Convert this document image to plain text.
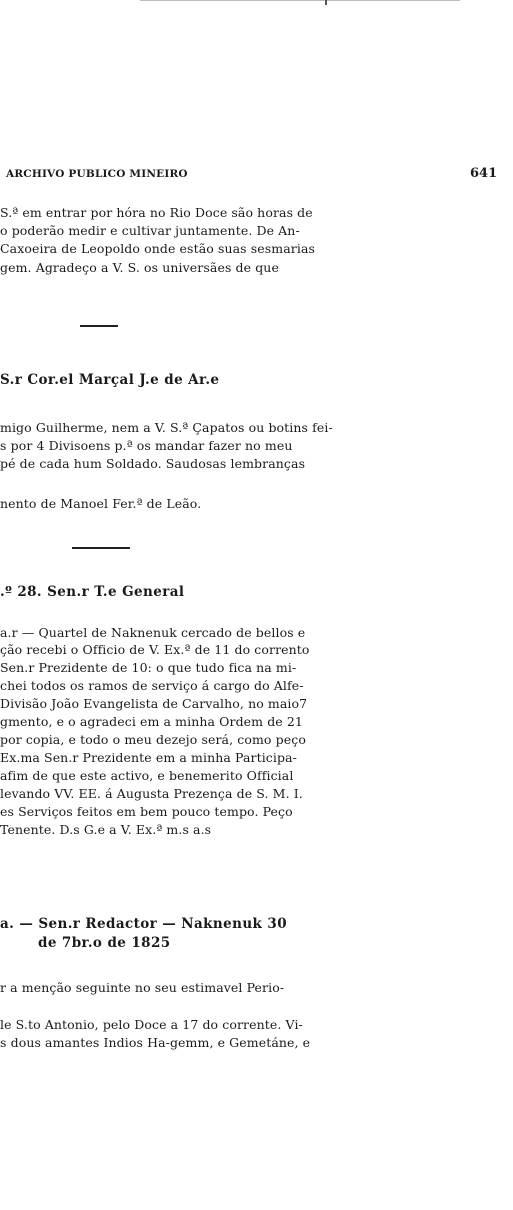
ARCHIVO PUBLICO MINEIRO	641
S.ª em entrar por hóra no Rio Doce são horas de
o poderão medir e cultivar juntamente. De An-
Caxoeira de Leopoldo onde estão suas sesmarias
gem. Agradeço a V. S. os universães de que
S.r Cor.el Marçal J.e de Ar.e
migo Guilherme, nem a V. S.ª Çapatos ou botins fei-
s por 4 Divisoens p.ª os mandar fazer no meu
pé de cada hum Soldado. Saudosas lembranças
nento de Manoel Fer.ª de Leão.
.º 28. Sen.r T.e General
a.r — Quartel de Naknenuk cercado de bellos e
ção recebi o Officio de V. Ex.ª de 11 do corrento
Sen.r Prezidente de 10: o que tudo fica na mi-
chei todos os ramos de serviço á cargo do Alfe-
Divisão João Evangelista de Carvalho, no maio7
gmento, e o agradeci em a minha Ordem de 21
por copia, e todo o meu dezejo será, como peço
Ex.ma Sen.r Prezidente em a minha Participa-
afim de que este activo, e benemerito Official
levando VV. EE. á Augusta Prezença de S. M. I.
es Serviços feitos em bem pouco tempo. Peço
Tenente. D.s G.e a V. Ex.ª m.s a.s
a. — Sen.r Redactor — Naknenuk 30
de 7br.o de 1825
r a menção seguinte no seu estimavel Perio-
le S.to Antonio, pelo Doce a 17 do corrente. Vi-
s dous amantes Indios Ha-gemm, e Gemetáne, e
